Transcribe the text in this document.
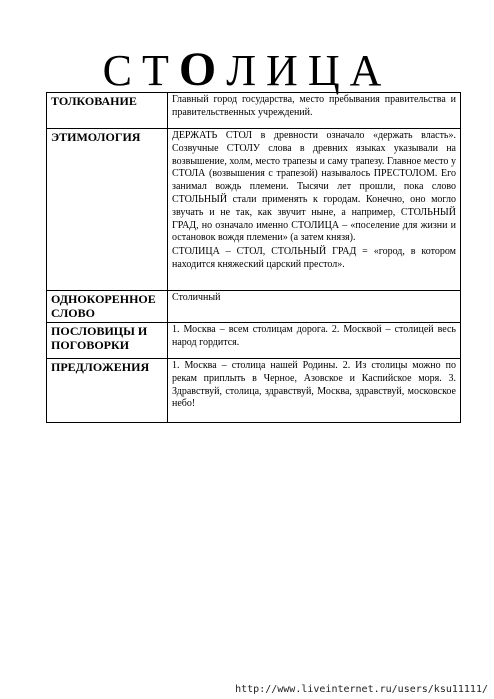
СТОЛИЦА
ТОЛКОВАНИЕ	Главный город государства, место пребывания правительства и правительственных учреждений.

ЭТИМОЛОГИЯ	ДЕРЖАТЬ СТОЛ в древности означало «держать власть». Созвучные СТОЛУ слова в древних языках указывали на возвышение, холм, место трапезы и саму трапезу. Главное место у СТОЛА (возвышения с трапезой) называлось ПРЕСТОЛОМ. Его занимал вождь племени. Тысячи лет прошли, пока слово СТОЛЬНЫЙ стали применять к городам. Конечно, оно могло звучать и не так, как звучит ныне, а например, СТОЛЬНЫЙ ГРАД, но означало именно СТОЛИЦА – «поселение для жизни и остановок вождя племени» (а затем князя).
СТОЛИЦА – СТОЛ, СТОЛЬНЫЙ ГРАД = «город, в котором находится княжеский царский престол».

ОДНОКОРЕННОЕ СЛОВО	Столичный

ПОСЛОВИЦЫ И ПОГОВОРКИ	1. Москва – всем столицам дорога. 2. Москвой – столицей весь народ гордится.

ПРЕДЛОЖЕНИЯ	1. Москва – столица нашей Родины. 2. Из столицы можно по рекам приплыть в Черное, Азовское и Каспийское моря. 3. Здравствуй, столица, здравствуй, Москва, здравствуй, московское небо!
http://www.liveinternet.ru/users/ksu11111/
